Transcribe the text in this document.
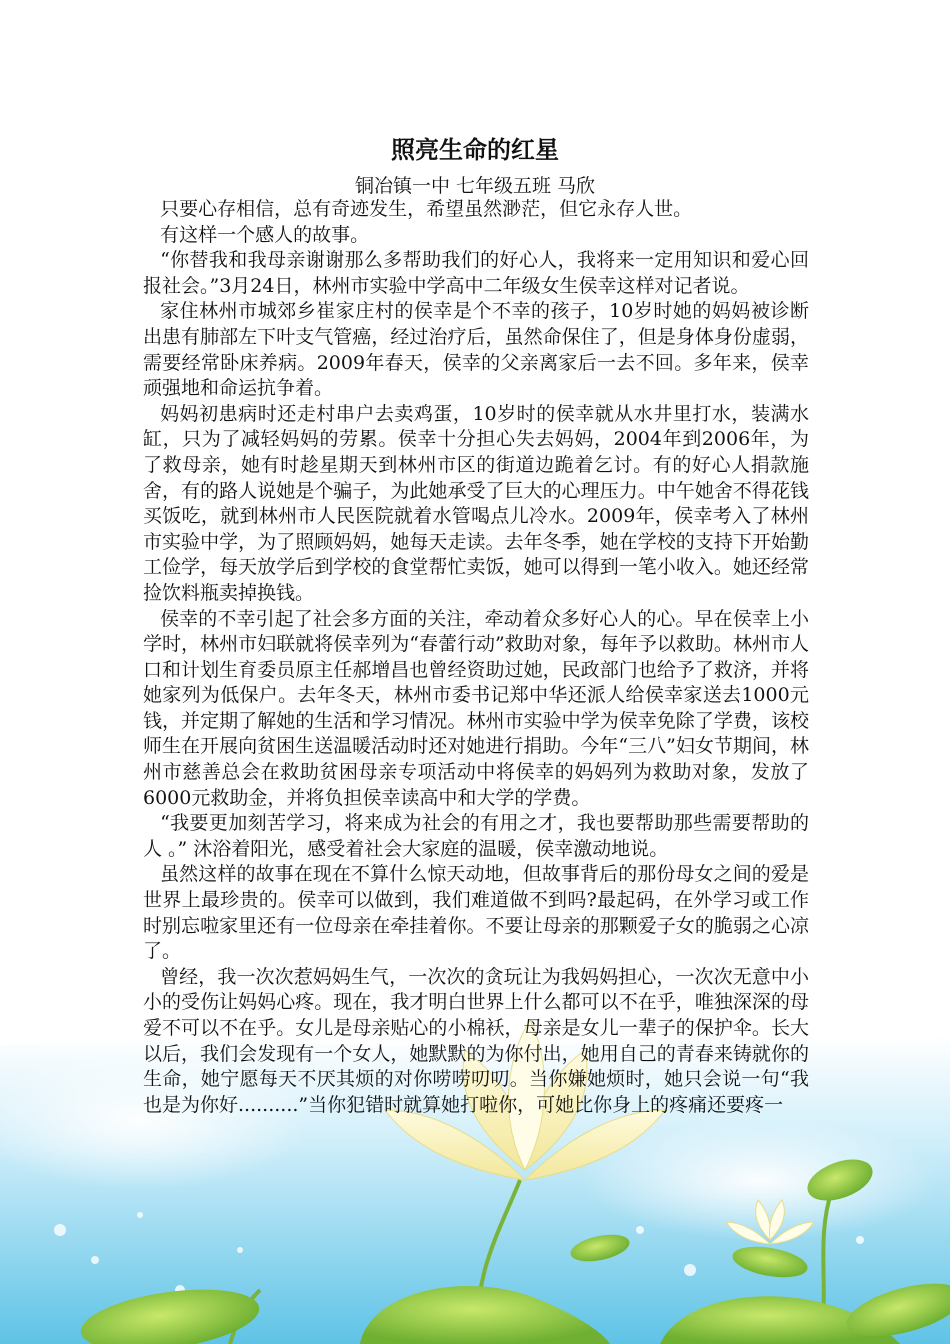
照亮生命的红星
铜冶镇一中 七年级五班 马欣

只要心存相信，总有奇迹发生，希望虽然渺茫，但它永存人世。

有这样一个感人的故事。

“你替我和我母亲谢谢那么多帮助我们的好心人，我将来一定用知识和爱心回报社会。”3月24日，林州市实验中学高中二年级女生侯幸这样对记者说。

家住林州市城郊乡崔家庄村的侯幸是个不幸的孩子，10岁时她的妈妈被诊断出患有肺部左下叶支气管癌，经过治疗后，虽然命保住了，但是身体身份虚弱，需要经常卧床养病。2009年春天，侯幸的父亲离家后一去不回。多年来，侯幸顽强地和命运抗争着。

妈妈初患病时还走村串户去卖鸡蛋，10岁时的侯幸就从水井里打水，装满水缸，只为了减轻妈妈的劳累。侯幸十分担心失去妈妈，2004年到2006年，为了救母亲，她有时趁星期天到林州市区的街道边跪着乞讨。有的好心人捐款施舍，有的路人说她是个骗子，为此她承受了巨大的心理压力。中午她舍不得花钱买饭吃，就到林州市人民医院就着水管喝点儿冷水。2009年，侯幸考入了林州市实验中学，为了照顾妈妈，她每天走读。去年冬季，她在学校的支持下开始勤工俭学，每天放学后到学校的食堂帮忙卖饭，她可以得到一笔小收入。她还经常捡饮料瓶卖掉换钱。

侯幸的不幸引起了社会多方面的关注，牵动着众多好心人的心。早在侯幸上小学时，林州市妇联就将侯幸列为“春蕾行动”救助对象，每年予以救助。林州市人口和计划生育委员原主任郝增昌也曾经资助过她，民政部门也给予了救济，并将她家列为低保户。去年冬天，林州市委书记郑中华还派人给侯幸家送去1000元钱，并定期了解她的生活和学习情况。林州市实验中学为侯幸免除了学费，该校师生在开展向贫困生送温暖活动时还对她进行捐助。今年“三八”妇女节期间，林州市慈善总会在救助贫困母亲专项活动中将侯幸的妈妈列为救助对象，发放了6000元救助金，并将负担侯幸读高中和大学的学费。

“我要更加刻苦学习，将来成为社会的有用之才，我也要帮助那些需要帮助的人 。” 沐浴着阳光，感受着社会大家庭的温暖，侯幸激动地说。

虽然这样的故事在现在不算什么惊天动地，但故事背后的那份母女之间的爱是世界上最珍贵的。侯幸可以做到，我们难道做不到吗?最起码，在外学习或工作时别忘啦家里还有一位母亲在牵挂着你。不要让母亲的那颗爱子女的脆弱之心凉了。

曾经，我一次次惹妈妈生气，一次次的贪玩让为我妈妈担心，一次次无意中小小的受伤让妈妈心疼。现在，我才明白世界上什么都可以不在乎，唯独深深的母爱不可以不在乎。女儿是母亲贴心的小棉袄，母亲是女儿一辈子的保护伞。长大以后，我们会发现有一个女人，她默默的为你付出，她用自己的青春来铸就你的生命，她宁愿每天不厌其烦的对你唠唠叨叨。当你嫌她烦时，她只会说一句“我也是为你好..........”当你犯错时就算她打啦你，可她比你身上的疼痛还要疼一
